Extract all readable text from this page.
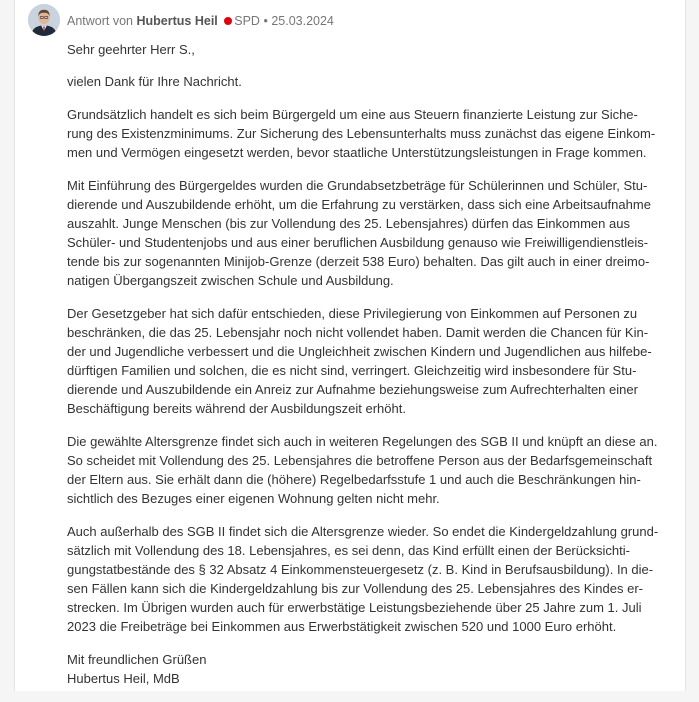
Antwort von Hubertus Heil SPD • 25.03.2024

Sehr geehrter Herr S.,

vielen Dank für Ihre Nachricht.

Grundsätzlich handelt es sich beim Bürgergeld um eine aus Steuern finanzierte Leistung zur Siche-
rung des Existenzminimums. Zur Sicherung des Lebensunterhalts muss zunächst das eigene Einkom-
men und Vermögen eingesetzt werden, bevor staatliche Unterstützungsleistungen in Frage kommen.

Mit Einführung des Bürgergeldes wurden die Grundabsetzbeträge für Schülerinnen und Schüler, Stu-
dierende und Auszubildende erhöht, um die Erfahrung zu verstärken, dass sich eine Arbeitsaufnahme
auszahlt. Junge Menschen (bis zur Vollendung des 25. Lebensjahres) dürfen das Einkommen aus
Schüler- und Studentenjobs und aus einer beruflichen Ausbildung genauso wie Freiwilligendienstleis-
tende bis zur sogenannten Minijob-Grenze (derzeit 538 Euro) behalten. Das gilt auch in einer dreimo-
natigen Übergangszeit zwischen Schule und Ausbildung.

Der Gesetzgeber hat sich dafür entschieden, diese Privilegierung von Einkommen auf Personen zu
beschränken, die das 25. Lebensjahr noch nicht vollendet haben. Damit werden die Chancen für Kin-
der und Jugendliche verbessert und die Ungleichheit zwischen Kindern und Jugendlichen aus hilfebe-
dürftigen Familien und solchen, die es nicht sind, verringert. Gleichzeitig wird insbesondere für Stu-
dierende und Auszubildende ein Anreiz zur Aufnahme beziehungsweise zum Aufrechterhalten einer
Beschäftigung bereits während der Ausbildungszeit erhöht.

Die gewählte Altersgrenze findet sich auch in weiteren Regelungen des SGB II und knüpft an diese an.
So scheidet mit Vollendung des 25. Lebensjahres die betroffene Person aus der Bedarfsgemeinschaft
der Eltern aus. Sie erhält dann die (höhere) Regelbedarfsstufe 1 und auch die Beschränkungen hin-
sichtlich des Bezuges einer eigenen Wohnung gelten nicht mehr.

Auch außerhalb des SGB II findet sich die Altersgrenze wieder. So endet die Kindergeldzahlung grund-
sätzlich mit Vollendung des 18. Lebensjahres, es sei denn, das Kind erfüllt einen der Berücksichti-
gungstatbestände des § 32 Absatz 4 Einkommensteuergesetz (z. B. Kind in Berufsausbildung). In die-
sen Fällen kann sich die Kindergeldzahlung bis zur Vollendung des 25. Lebensjahres des Kindes er-
strecken. Im Übrigen wurden auch für erwerbstätige Leistungsbeziehende über 25 Jahre zum 1. Juli
2023 die Freibeträge bei Einkommen aus Erwerbstätigkeit zwischen 520 und 1000 Euro erhöht.

Mit freundlichen Grüßen
Hubertus Heil, MdB
